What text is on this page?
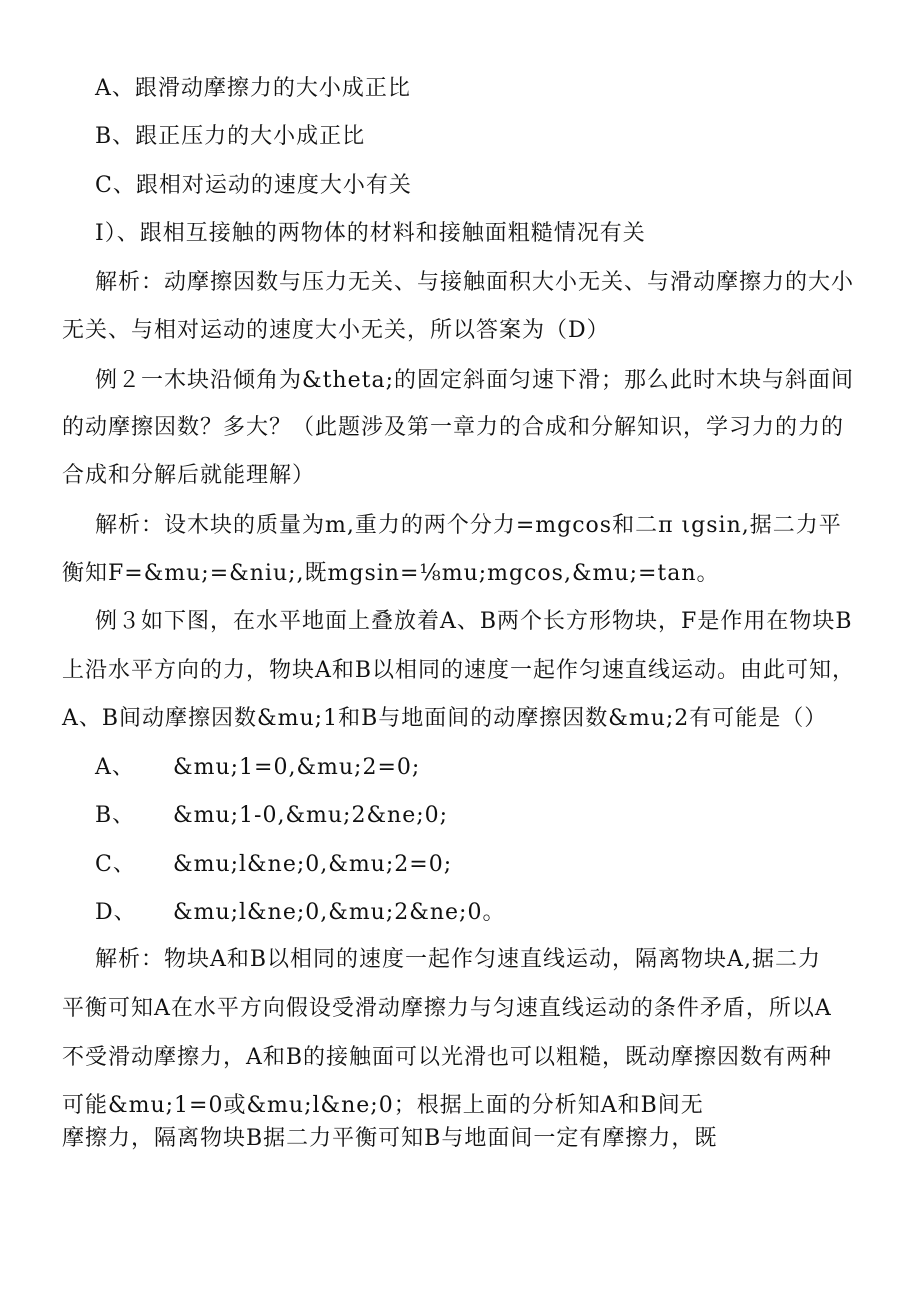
A、跟滑动摩擦力的大小成正比
B、跟正压力的大小成正比
C、跟相对运动的速度大小有关
I）、跟相互接触的两物体的材料和接触面粗糙情况有关
解析：动摩擦因数与压力无关、与接触面积大小无关、与滑动摩擦力的大小
无关、与相对运动的速度大小无关，所以答案为（D）
例２一木块沿倾角为&theta;的固定斜面匀速下滑；那么此时木块与斜面间
的动摩擦因数？多大？（此题涉及第一章力的合成和分解知识，学习力的力的
合成和分解后就能理解）
解析：设木块的质量为m,重力的两个分力=mgcos和二π ιgsin,据二力平
衡知F=&mu;=&niu;,既mgsin=⅛mu;mgcos,&mu;=tan。
例３如下图，在水平地面上叠放着A、B两个长方形物块，F是作用在物块B
上沿水平方向的力，物块A和B以相同的速度一起作匀速直线运动。由此可知，
A、B间动摩擦因数&mu;1和B与地面间的动摩擦因数&mu;2有可能是（）
A、 &mu;1=0,&mu;2=0;
B、 &mu;1-0,&mu;2&ne;0;
C、 &mu;l&ne;0,&mu;2=0;
D、 &mu;l&ne;0,&mu;2&ne;0。
解析：物块A和B以相同的速度一起作匀速直线运动，隔离物块A,据二力
平衡可知A在水平方向假设受滑动摩擦力与匀速直线运动的条件矛盾，所以A
不受滑动摩擦力，A和B的接触面可以光滑也可以粗糙，既动摩擦因数有两种
可能&mu;1=0或&mu;l&ne;0；根据上面的分析知A和B间无
摩擦力，隔离物块B据二力平衡可知B与地面间一定有摩擦力，既
